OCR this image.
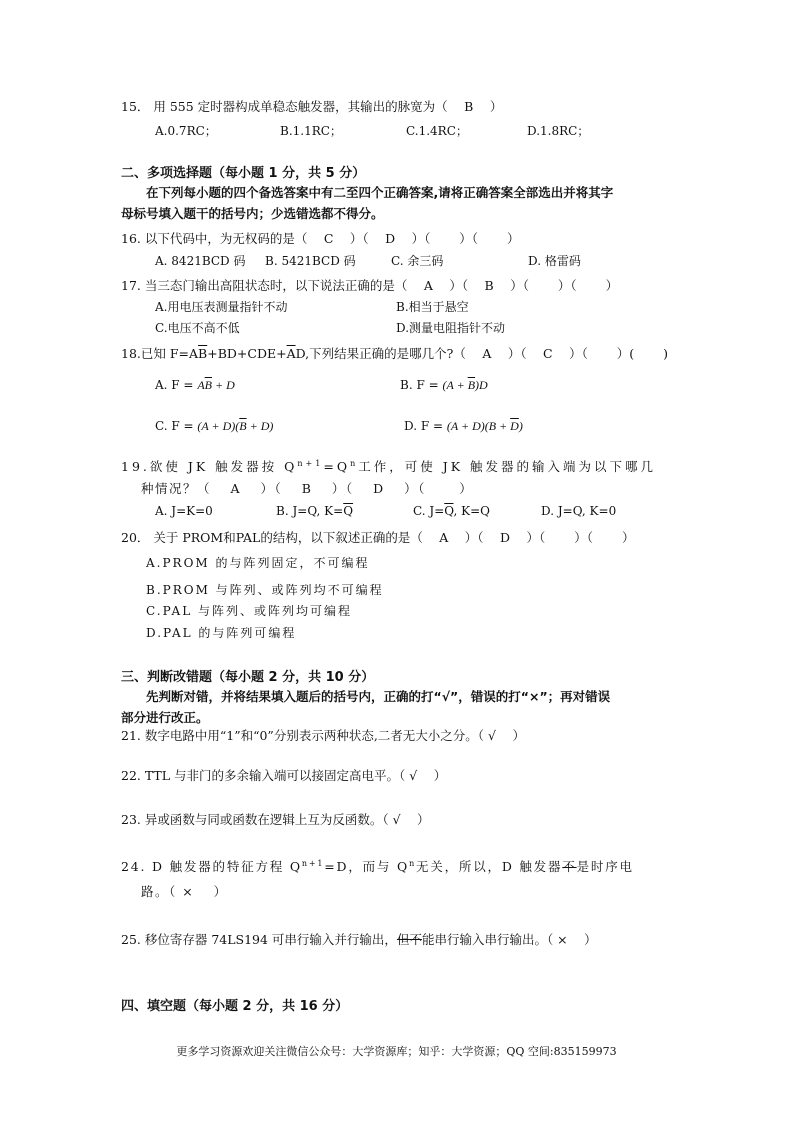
15． 用 555 定时器构成单稳态触发器，其输出的脉宽为（　 B　 ）
A.0.7RC；	B.1.1RC；	C.1.4RC；	D.1.8RC；
二、多项选择题（每小题 1 分，共 5 分）
在下列每小题的四个备选答案中有二至四个正确答案,请将正确答案全部选出并将其字
母标号填入题干的括号内；少选错选都不得分。
16. 以下代码中，为无权码的是（　 C　 ）（　 D　 ）（　　 ）（　　 ）
A. 8421BCD 码 B. 5421BCD 码	C. 余三码	D. 格雷码
17. 当三态门输出高阻状态时，以下说法正确的是（　 A　 ）（　 B　 ）（　　 ）（　　 ）
A.用电压表测量指针不动	B.相当于悬空
C.电压不高不低	D.测量电阻指针不动
18.已知 $F=A\overline{B}+BD+CDE+\overline{A}D$,下列结果正确的是哪几个?（　 A　 ）（　 C　 ）（　　 ）(　　 )
A. $F = A\overline{B} + D$	B. $F = (A + \overline{B})D$
C. $F = (A + D)(\overline{B} + D)$	D. $F = (A + D)(B + \overline{D})$
19.欲使 JK 触发器按 $Q^{n+1}=Q^n$工作，可使 JK 触发器的输入端为以下哪几
种情况？（　 A　 ）（　 B　 ）（　 D　 ）（　　 ）
A. J=K=0	B. J=Q, $K=\overline{Q}$	C. $J=\overline{Q}$, K=Q	D. J=Q, K=0
20． 关于 PROM和PAL的结构，以下叙述正确的是（　 A　 ）（　 D　 ）（　　 ）（　　 ）
A.PROM 的与阵列固定，不可编程
B.PROM 与阵列、或阵列均不可编程
C.PAL 与阵列、或阵列均可编程
D.PAL 的与阵列可编程
三、判断改错题（每小题 2 分，共 10 分）
先判断对错，并将结果填入题后的括号内，正确的打“√”，错误的打“×”；再对错误
部分进行改正。
21. 数字电路中用“1”和“0”分别表示两种状态,二者无大小之分。（ √　 ）
22. TTL 与非门的多余输入端可以接固定高电平。（ √　 ）
23. 异或函数与同或函数在逻辑上互为反函数。（ √　 ）
24. D 触发器的特征方程 $Q^{n+1}=D$，而与 $Q^n$无关，所以，D 触发器不是时序电
路。（ ×　 ）
25. 移位寄存器 74LS194 可串行输入并行输出，但不能串行输入串行输出。（ ×　 ）
四、填空题（每小题 2 分，共 16 分）
更多学习资源欢迎关注微信公众号：大学资源库；知乎：大学资源；QQ 空间:835159973
